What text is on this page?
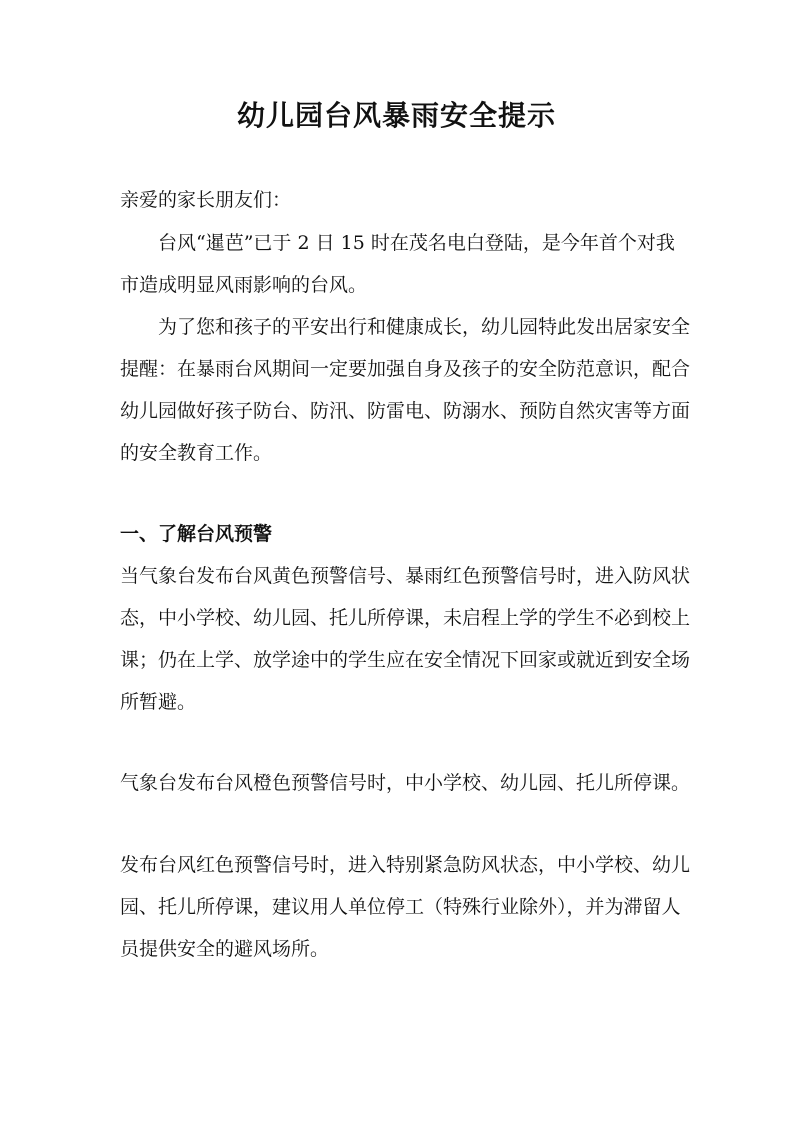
幼儿园台风暴雨安全提示
亲爱的家长朋友们：
台风“暹芭”已于 2 日 15 时在茂名电白登陆，是今年首个对我
市造成明显风雨影响的台风。
为了您和孩子的平安出行和健康成长，幼儿园特此发出居家安全
提醒：在暴雨台风期间一定要加强自身及孩子的安全防范意识，配合
幼儿园做好孩子防台、防汛、防雷电、防溺水、预防自然灾害等方面
的安全教育工作。
一、了解台风预警
当气象台发布台风黄色预警信号、暴雨红色预警信号时，进入防风状
态，中小学校、幼儿园、托儿所停课，未启程上学的学生不必到校上
课；仍在上学、放学途中的学生应在安全情况下回家或就近到安全场
所暂避。
气象台发布台风橙色预警信号时，中小学校、幼儿园、托儿所停课。
发布台风红色预警信号时，进入特别紧急防风状态，中小学校、幼儿
园、托儿所停课，建议用人单位停工（特殊行业除外），并为滞留人
员提供安全的避风场所。
